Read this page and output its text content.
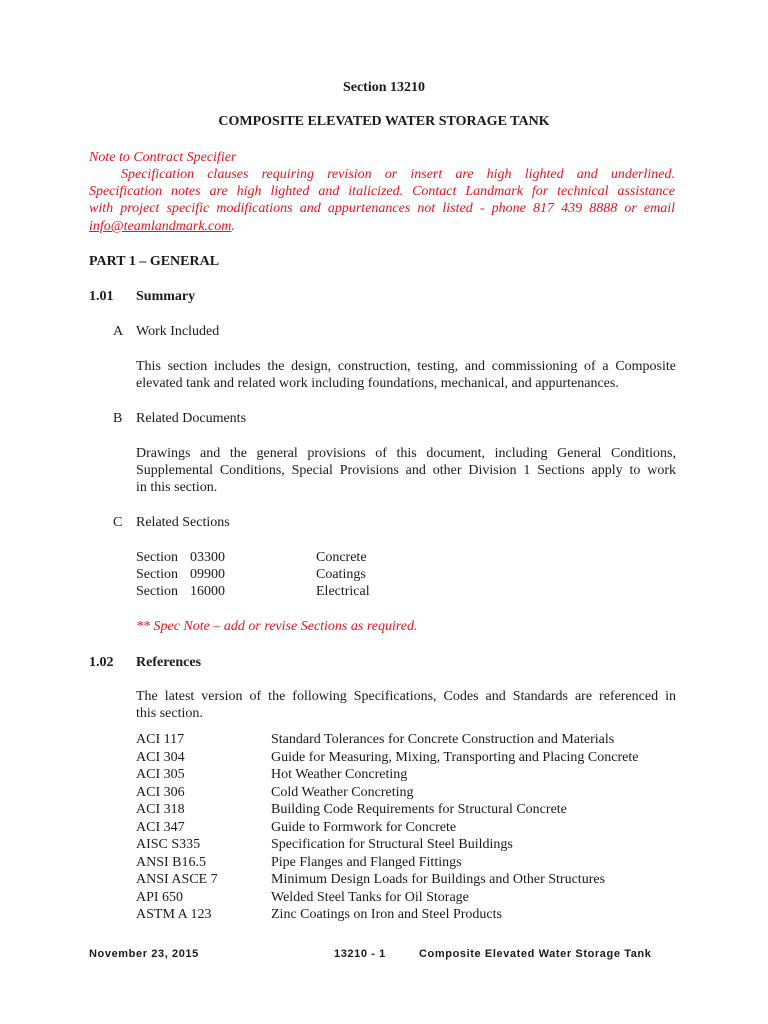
Section 13210
COMPOSITE ELEVATED WATER STORAGE TANK
Note to Contract Specifier
Specification clauses requiring revision or insert are high lighted and underlined.
Specification notes are high lighted and italicized. Contact Landmark for technical assistance
with project specific modifications and appurtenances not listed - phone 817 439 8888 or email
info@teamlandmark.com.
PART 1 – GENERAL
1.01 Summary
A Work Included
This section includes the design, construction, testing, and commissioning of a Composite
elevated tank and related work including foundations, mechanical, and appurtenances.
B Related Documents
Drawings and the general provisions of this document, including General Conditions,
Supplemental Conditions, Special Provisions and other Division 1 Sections apply to work
in this section.
C Related Sections
Section 03300	Concrete
Section 09900	Coatings
Section 16000	Electrical
** Spec Note – add or revise Sections as required.
1.02 References
The latest version of the following Specifications, Codes and Standards are referenced in
this section.
ACI 117	Standard Tolerances for Concrete Construction and Materials
ACI 304	Guide for Measuring, Mixing, Transporting and Placing Concrete
ACI 305	Hot Weather Concreting
ACI 306	Cold Weather Concreting
ACI 318	Building Code Requirements for Structural Concrete
ACI 347	Guide to Formwork for Concrete
AISC S335	Specification for Structural Steel Buildings
ANSI B16.5	Pipe Flanges and Flanged Fittings
ANSI ASCE 7	Minimum Design Loads for Buildings and Other Structures
API 650	Welded Steel Tanks for Oil Storage
ASTM A 123	Zinc Coatings on Iron and Steel Products
November 23, 2015	13210 - 1	Composite Elevated Water Storage Tank
